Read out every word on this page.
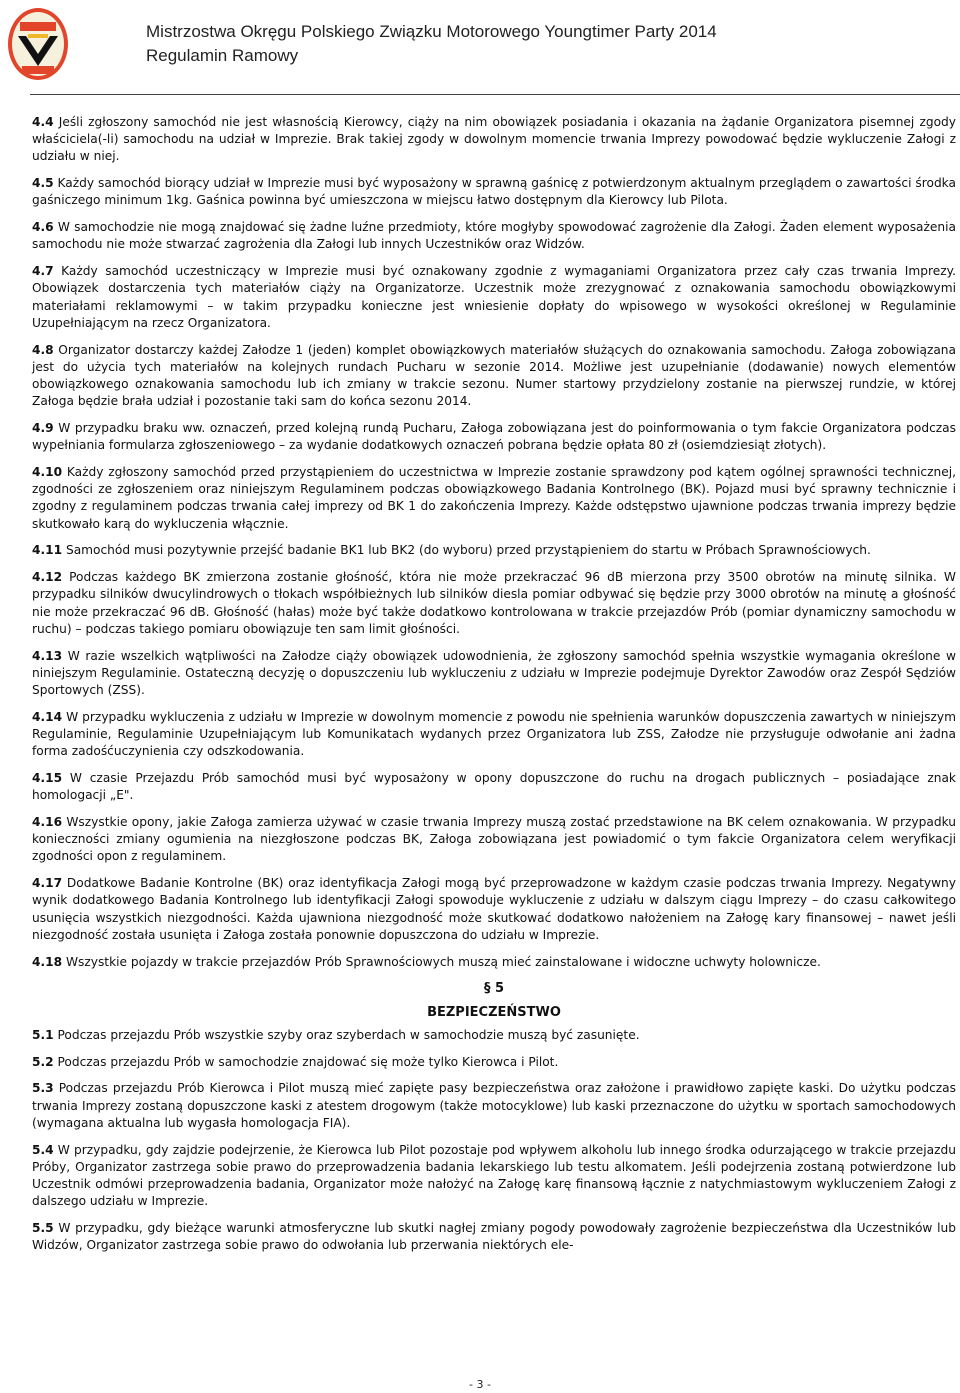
Mistrzostwa Okręgu Polskiego Związku Motorowego Youngtimer Party 2014
Regulamin Ramowy

4.4 Jeśli zgłoszony samochód nie jest własnością Kierowcy, ciąży na nim obowiązek posiadania i okazania na żądanie Organizatora pisemnej zgody właściciela(-li) samochodu na udział w Imprezie. Brak takiej zgody w dowolnym momencie trwania Imprezy powodować będzie wykluczenie Załogi z udziału w niej.

4.5 Każdy samochód biorący udział w Imprezie musi być wyposażony w sprawną gaśnicę z potwierdzonym aktualnym przeglądem o zawartości środka gaśniczego minimum 1kg. Gaśnica powinna być umieszczona w miejscu łatwo dostępnym dla Kierowcy lub Pilota.

4.6 W samochodzie nie mogą znajdować się żadne luźne przedmioty, które mogłyby spowodować zagrożenie dla Załogi. Żaden element wyposażenia samochodu nie może stwarzać zagrożenia dla Załogi lub innych Uczestników oraz Widzów.

4.7 Każdy samochód uczestniczący w Imprezie musi być oznakowany zgodnie z wymaganiami Organizatora przez cały czas trwania Imprezy. Obowiązek dostarczenia tych materiałów ciąży na Organizatorze. Uczestnik może zrezygnować z oznakowania samochodu obowiązkowymi materiałami reklamowymi – w takim przypadku konieczne jest wniesienie dopłaty do wpisowego w wysokości określonej w Regulaminie Uzupełniającym na rzecz Organizatora.

4.8 Organizator dostarczy każdej Załodze 1 (jeden) komplet obowiązkowych materiałów służących do oznakowania samochodu. Załoga zobowiązana jest do użycia tych materiałów na kolejnych rundach Pucharu w sezonie 2014. Możliwe jest uzupełnianie (dodawanie) nowych elementów obowiązkowego oznakowania samochodu lub ich zmiany w trakcie sezonu. Numer startowy przydzielony zostanie na pierwszej rundzie, w której Załoga będzie brała udział i pozostanie taki sam do końca sezonu 2014.

4.9 W przypadku braku ww. oznaczeń, przed kolejną rundą Pucharu, Załoga zobowiązana jest do poinformowania o tym fakcie Organizatora podczas wypełniania formularza zgłoszeniowego – za wydanie dodatkowych oznaczeń pobrana będzie opłata 80 zł (osiemdziesiąt złotych).

4.10 Każdy zgłoszony samochód przed przystąpieniem do uczestnictwa w Imprezie zostanie sprawdzony pod kątem ogólnej sprawności technicznej, zgodności ze zgłoszeniem oraz niniejszym Regulaminem podczas obowiązkowego Badania Kontrolnego (BK). Pojazd musi być sprawny technicznie i zgodny z regulaminem podczas trwania całej imprezy od BK 1 do zakończenia Imprezy. Każde odstępstwo ujawnione podczas trwania imprezy będzie skutkowało karą do wykluczenia włącznie.

4.11 Samochód musi pozytywnie przejść badanie BK1 lub BK2 (do wyboru) przed przystąpieniem do startu w Próbach Sprawnościowych.

4.12 Podczas każdego BK zmierzona zostanie głośność, która nie może przekraczać 96 dB mierzona przy 3500 obrotów na minutę silnika. W przypadku silników dwucylindrowych o tłokach współbieżnych lub silników diesla pomiar odbywać się będzie przy 3000 obrotów na minutę a głośność nie może przekraczać 96 dB. Głośność (hałas) może być także dodatkowo kontrolowana w trakcie przejazdów Prób (pomiar dynamiczny samochodu w ruchu) – podczas takiego pomiaru obowiązuje ten sam limit głośności.

4.13 W razie wszelkich wątpliwości na Załodze ciąży obowiązek udowodnienia, że zgłoszony samochód spełnia wszystkie wymagania określone w niniejszym Regulaminie. Ostateczną decyzję o dopuszczeniu lub wykluczeniu z udziału w Imprezie podejmuje Dyrektor Zawodów oraz Zespół Sędziów Sportowych (ZSS).

4.14 W przypadku wykluczenia z udziału w Imprezie w dowolnym momencie z powodu nie spełnienia warunków dopuszczenia zawartych w niniejszym Regulaminie, Regulaminie Uzupełniającym lub Komunikatach wydanych przez Organizatora lub ZSS, Załodze nie przysługuje odwołanie ani żadna forma zadośćuczynienia czy odszkodowania.

4.15 W czasie Przejazdu Prób samochód musi być wyposażony w opony dopuszczone do ruchu na drogach publicznych – posiadające znak homologacji „E".

4.16 Wszystkie opony, jakie Załoga zamierza używać w czasie trwania Imprezy muszą zostać przedstawione na BK celem oznakowania. W przypadku konieczności zmiany ogumienia na niezgłoszone podczas BK, Załoga zobowiązana jest powiadomić o tym fakcie Organizatora celem weryfikacji zgodności opon z regulaminem.

4.17 Dodatkowe Badanie Kontrolne (BK) oraz identyfikacja Załogi mogą być przeprowadzone w każdym czasie podczas trwania Imprezy. Negatywny wynik dodatkowego Badania Kontrolnego lub identyfikacji Załogi spowoduje wykluczenie z udziału w dalszym ciągu Imprezy – do czasu całkowitego usunięcia wszystkich niezgodności. Każda ujawniona niezgodność może skutkować dodatkowo nałożeniem na Załogę kary finansowej – nawet jeśli niezgodność została usunięta i Załoga została ponownie dopuszczona do udziału w Imprezie.

4.18 Wszystkie pojazdy w trakcie przejazdów Prób Sprawnościowych muszą mieć zainstalowane i widoczne uchwyty holownicze.

§ 5
BEZPIECZEŃSTWO

5.1 Podczas przejazdu Prób wszystkie szyby oraz szyberdach w samochodzie muszą być zasunięte.

5.2 Podczas przejazdu Prób w samochodzie znajdować się może tylko Kierowca i Pilot.

5.3 Podczas przejazdu Prób Kierowca i Pilot muszą mieć zapięte pasy bezpieczeństwa oraz założone i prawidłowo zapięte kaski. Do użytku podczas trwania Imprezy zostaną dopuszczone kaski z atestem drogowym (także motocyklowe) lub kaski przeznaczone do użytku w sportach samochodowych (wymagana aktualna lub wygasła homologacja FIA).

5.4 W przypadku, gdy zajdzie podejrzenie, że Kierowca lub Pilot pozostaje pod wpływem alkoholu lub innego środka odurzającego w trakcie przejazdu Próby, Organizator zastrzega sobie prawo do przeprowadzenia badania lekarskiego lub testu alkomatem. Jeśli podejrzenia zostaną potwierdzone lub Uczestnik odmówi przeprowadzenia badania, Organizator może nałożyć na Załogę karę finansową łącznie z natychmiastowym wykluczeniem Załogi z dalszego udziału w Imprezie.

5.5 W przypadku, gdy bieżące warunki atmosferyczne lub skutki nagłej zmiany pogody powodowały zagrożenie bezpieczeństwa dla Uczestników lub Widzów, Organizator zastrzega sobie prawo do odwołania lub przerwania niektórych ele-

- 3 -
